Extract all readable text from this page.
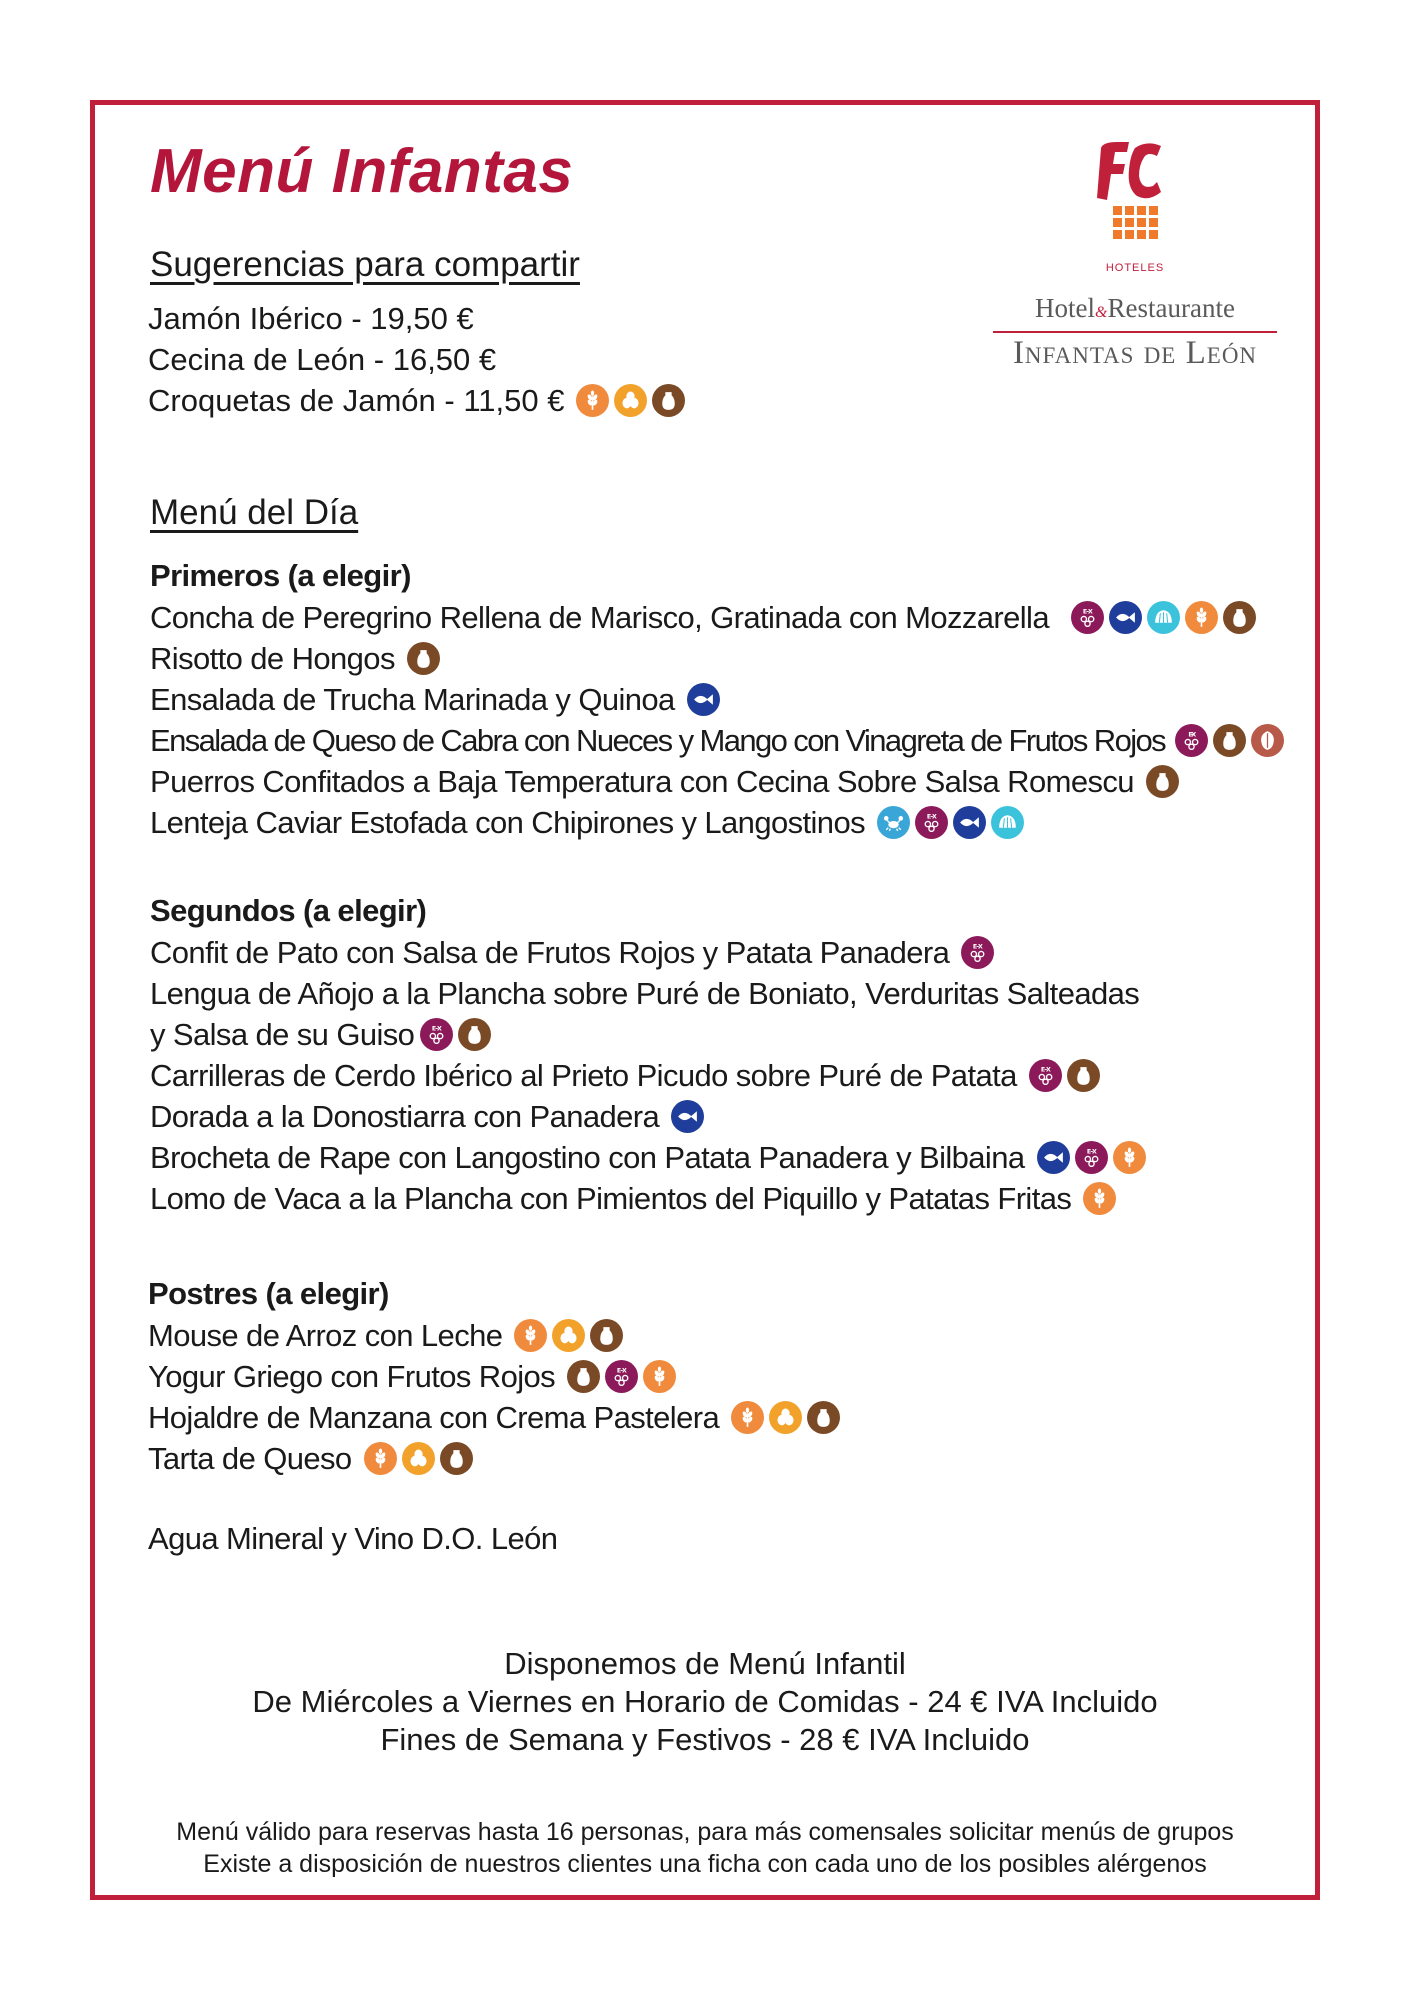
Menú Infantas
HOTELES
Hotel&Restaurante
Infantas de León
Sugerencias para compartir
Jamón Ibérico - 19,50 €
Cecina de León - 16,50 €
Croquetas de Jamón - 11,50 €
Menú del Día
Primeros (a elegir)
Concha de Peregrino Rellena de Marisco, Gratinada con Mozzarella	E-X
Risotto de Hongos
Ensalada de Trucha Marinada y Quinoa
Ensalada de Queso de Cabra con Nueces y Mango con Vinagreta de Frutos Rojos	E-X
Puerros Confitados a Baja Temperatura con Cecina Sobre Salsa Romescu
Lenteja Caviar Estofada con Chipirones y Langostinos	E-X
Segundos (a elegir)
Confit de Pato con Salsa de Frutos Rojos y Patata Panadera	E-X
Lengua de Añojo a la Plancha sobre Puré de Boniato, Verduritas Salteadas
y Salsa de su Guiso	E-X
Carrilleras de Cerdo Ibérico al Prieto Picudo sobre Puré de Patata	E-X
Dorada a la Donostiarra con Panadera
Brocheta de Rape con Langostino con Patata Panadera y Bilbaina	E-X
Lomo de Vaca a la Plancha con Pimientos del Piquillo y Patatas Fritas
Postres (a elegir)
Mouse de Arroz con Leche
Yogur Griego con Frutos Rojos	E-X
Hojaldre de Manzana con Crema Pastelera
Tarta de Queso
Agua Mineral y Vino D.O. León
Disponemos de Menú Infantil
De Miércoles a Viernes en Horario de Comidas - 24 € IVA Incluido
Fines de Semana y Festivos - 28 € IVA Incluido
Menú válido para reservas hasta 16 personas, para más comensales solicitar menús de grupos
Existe a disposición de nuestros clientes una ficha con cada uno de los posibles alérgenos
